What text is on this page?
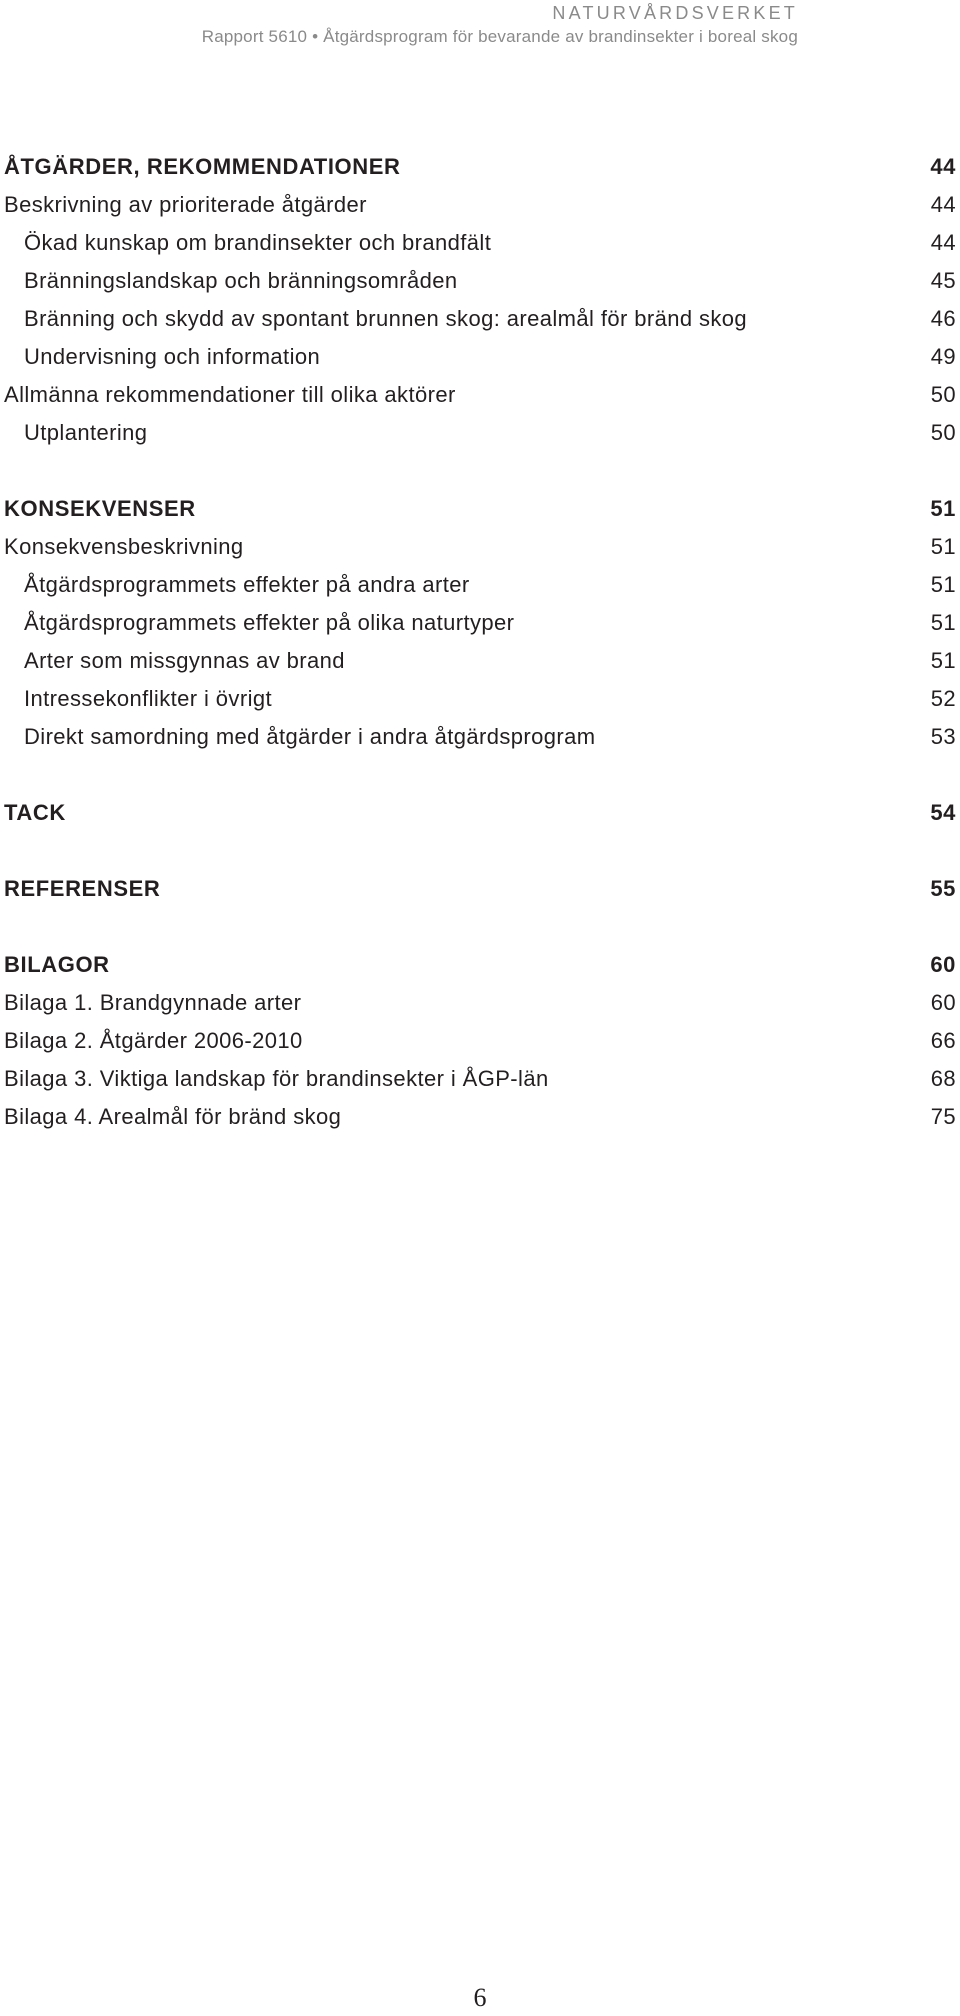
NATURVÅRDSVERKET
Rapport 5610 • Åtgärdsprogram för bevarande av brandinsekter i boreal skog
ÅTGÄRDER, REKOMMENDATIONER	44
Beskrivning av prioriterade åtgärder	44
Ökad kunskap om brandinsekter och brandfält	44
Bränningslandskap och bränningsområden	45
Bränning och skydd av spontant brunnen skog: arealmål för bränd skog	46
Undervisning och information	49
Allmänna rekommendationer till olika aktörer	50
Utplantering	50
KONSEKVENSER	51
Konsekvensbeskrivning	51
Åtgärdsprogrammets effekter på andra arter	51
Åtgärdsprogrammets effekter på olika naturtyper	51
Arter som missgynnas av brand	51
Intressekonflikter i övrigt	52
Direkt samordning med åtgärder i andra åtgärdsprogram	53
TACK	54
REFERENSER	55
BILAGOR	60
Bilaga 1. Brandgynnade arter	60
Bilaga 2. Åtgärder 2006-2010	66
Bilaga 3. Viktiga landskap för brandinsekter i ÅGP-län	68
Bilaga 4. Arealmål för bränd skog	75
6
